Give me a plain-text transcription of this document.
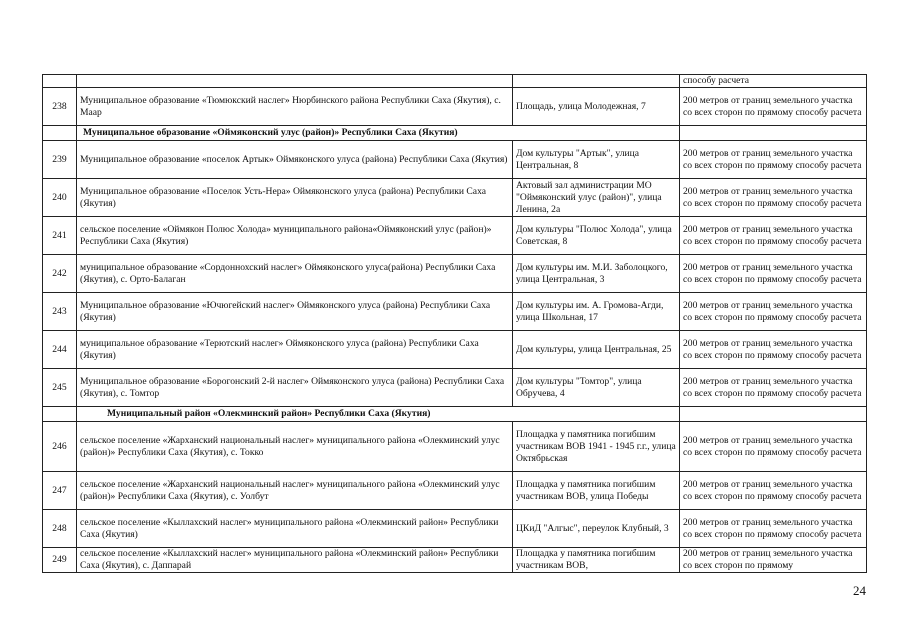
			способу расчета
238	Муниципальное образование «Тюмюкский наслег» Нюрбинского района Республики Саха (Якутия), с. Маар	Площадь, улица Молодежная, 7	200 метров от границ земельного участка со всех сторон по прямому способу расчета
	Муниципальное образование «Оймяконский улус (район)» Республики Саха (Якутия)		
239	Муниципальное образование «поселок Артык» Оймяконского улуса (района) Республики Саха (Якутия)	Дом культуры "Артык", улица Центральная, 8	200 метров от границ земельного участка со всех сторон по прямому способу расчета
240	Муниципальное образование «Поселок Усть-Нера» Оймяконского улуса (района) Республики Саха (Якутия)	Актовый зал администрации МО "Оймяконский улус (район)", улица Ленина, 2а	200 метров от границ земельного участка со всех сторон по прямому способу расчета
241	сельское поселение «Оймякон Полюс Холода» муниципального района«Оймяконский улус (район)» Республики Саха (Якутия)	Дом культуры "Полюс Холода", улица Советская, 8	200 метров от границ земельного участка со всех сторон по прямому способу расчета
242	муниципальное образование «Сордоннохский наслег» Оймяконского улуса(района) Республики Саха (Якутия), с. Орто-Балаган	Дом культуры им. М.И. Заболоцкого, улица Центральная, 3	200 метров от границ земельного участка со всех сторон по прямому способу расчета
243	Муниципальное образование «Ючюгейский наслег» Оймяконского улуса (района) Республики Саха (Якутия)	Дом культуры им. А. Громова-Агди, улица Школьная, 17	200 метров от границ земельного участка со всех сторон по прямому способу расчета
244	муниципальное образование «Терютский наслег» Оймяконского улуса (района) Республики Саха (Якутия)	Дом культуры, улица Центральная, 25	200 метров от границ земельного участка со всех сторон по прямому способу расчета
245	Муниципальное образование «Борогонский 2-й наслег» Оймяконского улуса (района) Республики Саха (Якутия), с. Томтор	Дом культуры "Томтор", улица Обручева, 4	200 метров от границ земельного участка со всех сторон по прямому способу расчета
	Муниципальный район «Олекминский район» Республики Саха (Якутия)		
246	сельское поселение «Жарханский национальный наслег» муниципального района «Олекминский улус (район)» Республики Саха (Якутия), с. Токко	Площадка у памятника погибшим участникам ВОВ 1941 - 1945 г.г., улица Октябрьская	200 метров от границ земельного участка со всех сторон по прямому способу расчета
247	сельское поселение «Жарханский национальный наслег» муниципального района «Олекминский улус (район)» Республики Саха (Якутия), с. Уолбут	Площадка у памятника погибшим участникам ВОВ, улица Победы	200 метров от границ земельного участка со всех сторон по прямому способу расчета
248	сельское поселение «Кыллахский наслег» муниципального района «Олекминский район» Республики Саха (Якутия)	ЦКиД "Алгыс", переулок Клубный, 3	200 метров от границ земельного участка со всех сторон по прямому способу расчета
249	сельское поселение «Кыллахский наслег» муниципального района «Олекминский район» Республики Саха (Якутия), с. Даппарай	Площадка у памятника погибшим участникам ВОВ,	200 метров от границ земельного участка со всех сторон по прямому
24
